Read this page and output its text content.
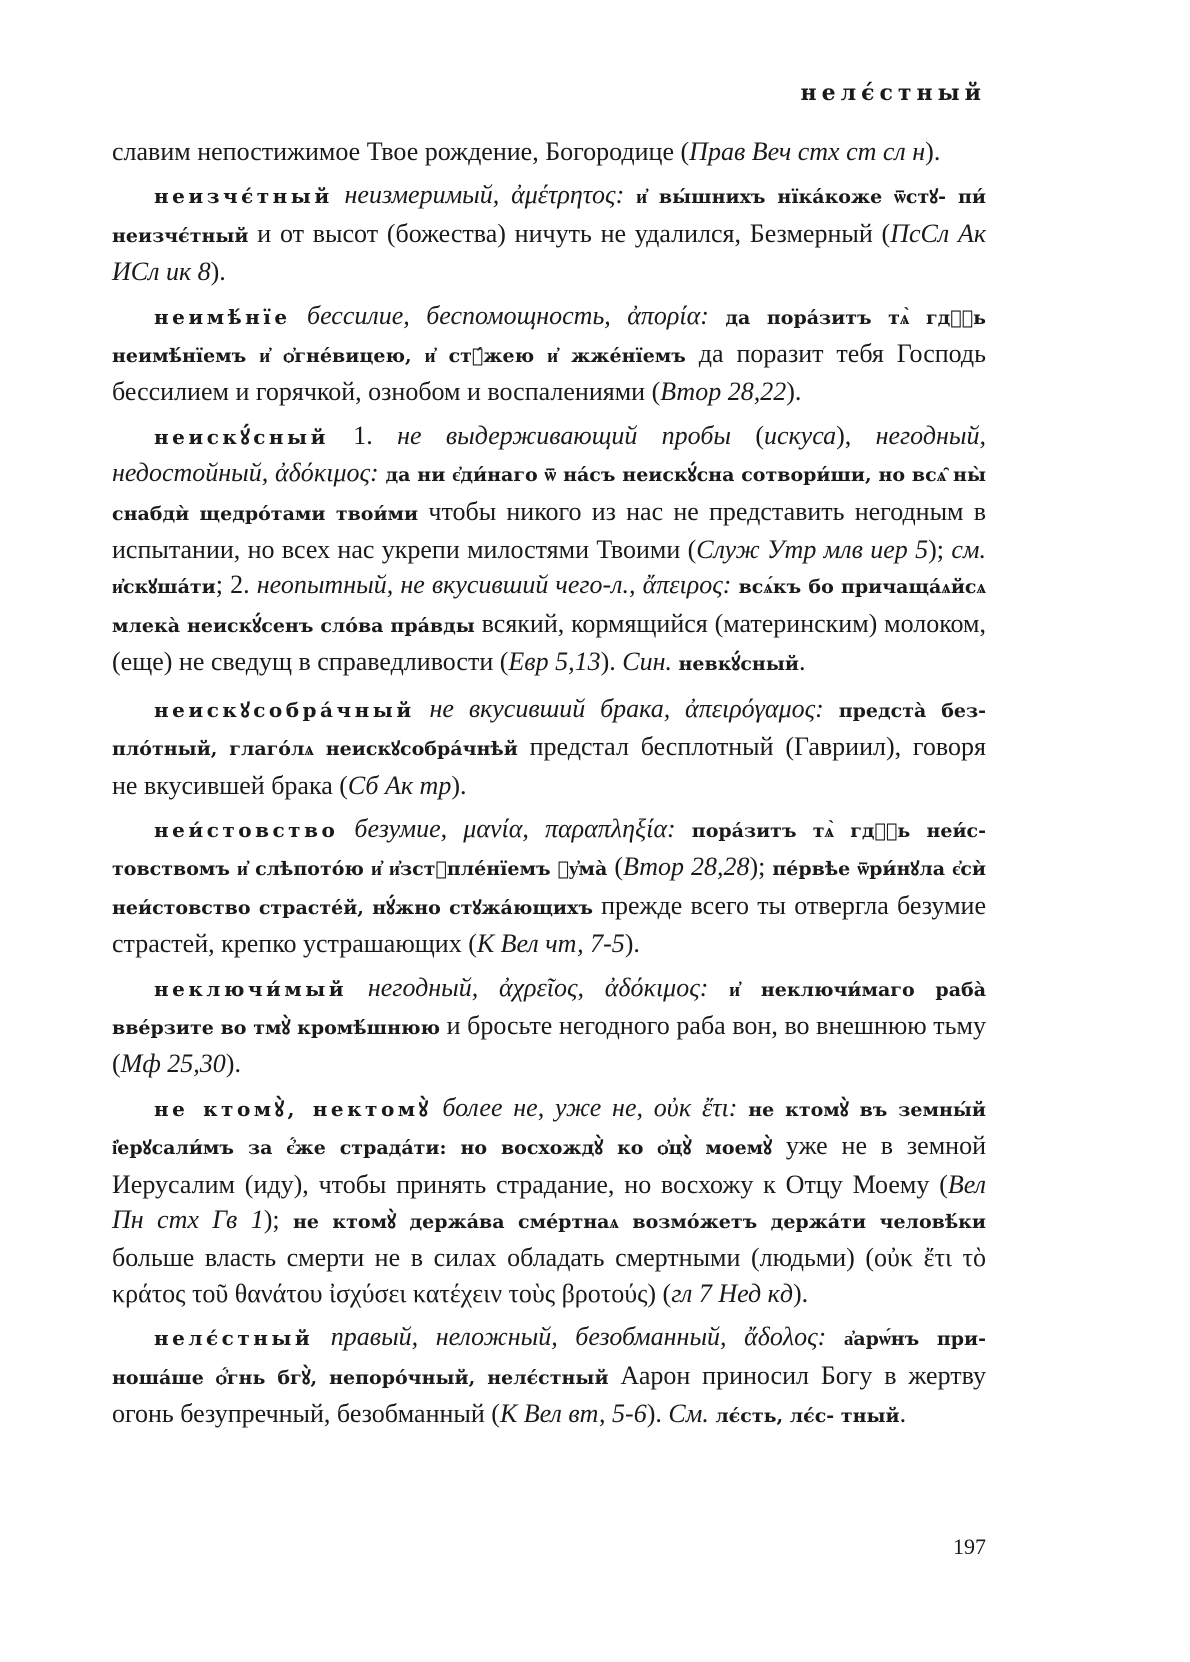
нелє́стный

славим непостижимое Твое рождение, Богородице (Прав Веч стх ст сл н).

неизчє́тный неизмеримый, ἀμέτρητος: и҆ вы́шнихъ нїка́коже ѿстꙋ- пи́ неизчє́тный и от высот (божества) ничуть не удалился, Безмерный (ПсСл Ак ИСл ик 8).

неимѣ́нїе бессилие, беспомощность, ἀπορία: да пора́зитъ тѧ̀ гдⷭ҇ь неимѣ́нїемъ и҆ ѻ҆гне́вицею, и҆ стꙋ́жею и҆ жже́нїемъ да поразит тебя Господь бессилием и горячкой, ознобом и воспалениями (Втор 28,22).

неискꙋ́сный 1. не выдерживающий пробы (искуса), негодный, недостойный, ἀδόκιμος: да ни є҆ди́наго ѿ на́съ неискꙋ́сна сотвори́ши, но всѧ̑ ны̀ снабдѝ щедро́тами твои́ми чтобы никого из нас не представить негодным в испытании, но всех нас укрепи милостями Твоими (Служ Утр млв иер 5); см. и҆скꙋша́ти; 2. неопытный, не вкусивший чего-л., ἄπειρος: всѧ́къ бо причаща́ѧйсѧ млека̀ неискꙋ́сенъ сло́ва пра́вды всякий, кормящийся (материнским) молоком, (еще) не сведущ в справедливости (Евр 5,13). Син. невкꙋ́сный.

неискꙋсобра́чный не вкусивший брака, ἀπειρόγαμος: предста̀ без- пло́тный, глаго́лѧ неискꙋсобра́чнѣй предстал бесплотный (Гавриил), говоря не вкусившей брака (Сб Ак тр).

неи́стовство безумие, μανία, παραπληξία: пора́зитъ тѧ̀ гдⷭ҇ь неи́с- товствомъ и҆ слѣпото́ю и҆ и҆зстꙋпле́нїемъ ᲂу҆ма̀ (Втор 28,28); пе́рвѣе ѿри́нꙋла є҆сѝ неи́стовство страсте́й, нꙋ́жно стꙋжа́ющихъ прежде всего ты отвергла безумие страстей, крепко устрашающих (К Вел чт, 7-5).

неключи́мый негодный, ἀχρεῖος, ἀδόκιμος: и҆ неключи́маго раба̀ вве́рзите во тмꙋ̀ кромѣ́шнюю и бросьте негодного раба вон, во внешнюю тьму (Мф 25,30).

не ктомꙋ̀, нектомꙋ̀ более не, уже не, οὐκ ἔτι: не ктомꙋ̀ въ земны́й і҆ерꙋсали́мъ за є҆́же страда́ти: но восхождꙋ̀ ко ѻ҆цꙋ̀ моемꙋ̀ уже не в земной Иерусалим (иду), чтобы принять страдание, но восхожу к Отцу Моему (Вел Пн стх Гв 1); не ктомꙋ̀ держа́ва сме́ртнаѧ возмо́жетъ держа́ти человѣ́ки больше власть смерти не в силах обладать смертными (людьми) (οὐκ ἔτι τὸ κράτος τοῦ θανάτου ἰσχύσει κατέχειν τοὺς βροτούς) (гл 7 Нед кд).

нелє́стный правый, неложный, безобманный, ἄδολος: а҆арѡ́нъ при- ноша́ше ѻ҆́гнь бгꙋ̀, непоро́чный, нелє́стный Аарон приносил Богу в жертву огонь безупречный, безобманный (К Вел вт, 5-6). См. лє́сть, лє́с- тный.

197
